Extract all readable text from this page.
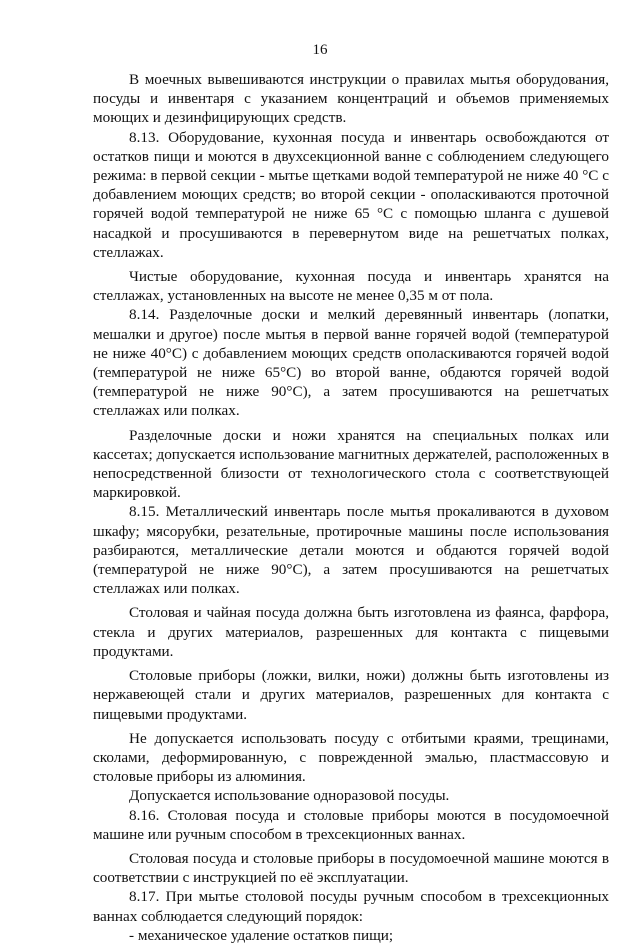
16

В моечных вывешиваются инструкции о правилах мытья оборудования, посуды и инвентаря с указанием концентраций и объемов применяемых моющих и дезинфицирующих средств.

8.13. Оборудование, кухонная посуда и инвентарь освобождаются от остатков пищи и моются в двухсекционной ванне с соблюдением следующего режима: в первой секции - мытье щетками водой температурой не ниже 40 °С с добавлением моющих средств; во второй секции - ополаскиваются проточной горячей водой температурой не ниже 65 °С с помощью шланга с душевой насадкой и просушиваются в перевернутом виде на решетчатых полках, стеллажах.

Чистые оборудование, кухонная посуда и инвентарь хранятся на стеллажах, установленных на высоте не менее 0,35 м от пола.

8.14. Разделочные доски и мелкий деревянный инвентарь (лопатки, мешалки и другое) после мытья в первой ванне горячей водой (температурой не ниже 40°С) с добавлением моющих средств ополаскиваются горячей водой (температурой не ниже 65°С) во второй ванне, обдаются горячей водой (температурой не ниже 90°С), а затем просушиваются на решетчатых стеллажах или полках.

Разделочные доски и ножи хранятся на специальных полках или кассетах; допускается использование магнитных держателей, расположенных в непосредственной близости от технологического стола с соответствующей маркировкой.

8.15. Металлический инвентарь после мытья прокаливаются в духовом шкафу; мясорубки, резательные, протирочные машины после использования разбираются, металлические детали моются и обдаются горячей водой (температурой не ниже 90°С), а затем просушиваются на решетчатых стеллажах или полках.

Столовая и чайная посуда должна быть изготовлена из фаянса, фарфора, стекла и других материалов, разрешенных для контакта с пищевыми продуктами.

Столовые приборы (ложки, вилки, ножи) должны быть изготовлены из нержавеющей стали и других материалов, разрешенных для контакта с пищевыми продуктами.

Не допускается использовать посуду с отбитыми краями, трещинами, сколами, деформированную, с поврежденной эмалью, пластмассовую и столовые приборы из алюминия.

Допускается использование одноразовой посуды.

8.16. Столовая посуда и столовые приборы моются в посудомоечной машине или ручным способом в трехсекционных ваннах.

Столовая посуда и столовые приборы в посудомоечной машине моются в соответствии с инструкцией по её эксплуатации.

8.17. При мытье столовой посуды ручным способом в трехсекционных ваннах соблюдается следующий порядок:

- механическое удаление остатков пищи;
